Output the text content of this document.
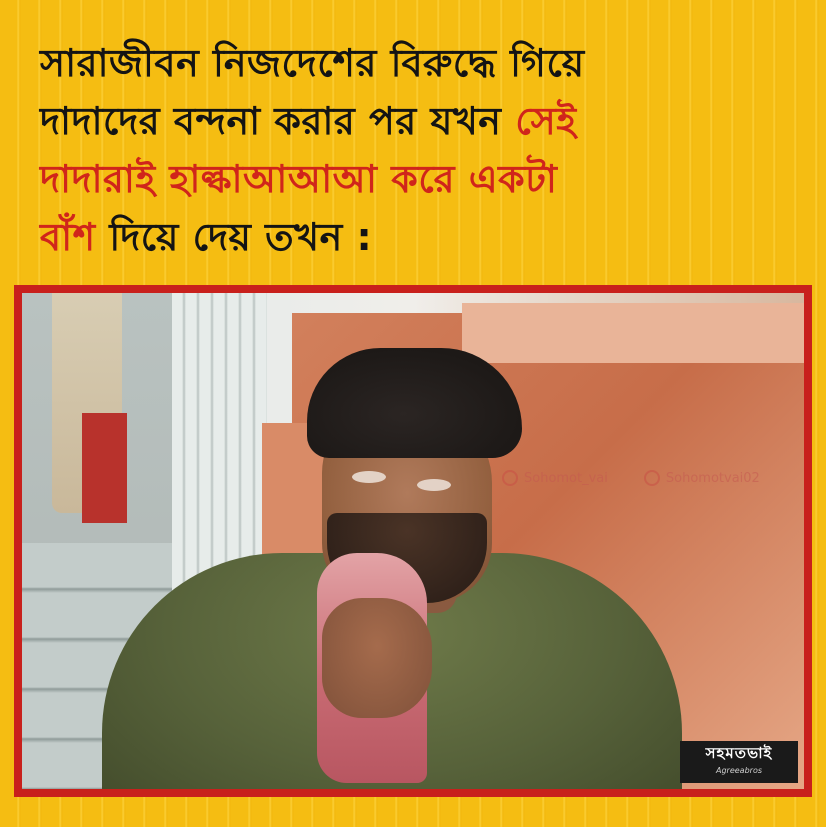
সারাজীবন নিজদেশের বিরুদ্ধে গিয়ে
দাদাদের বন্দনা করার পর যখন সেই
দাদারাই হাল্কাআআআ করে একটা
বাঁশ দিয়ে দেয় তখন :
Sohomot_vai	Sohomotvai02
সহমতভাই
Agreeabros
